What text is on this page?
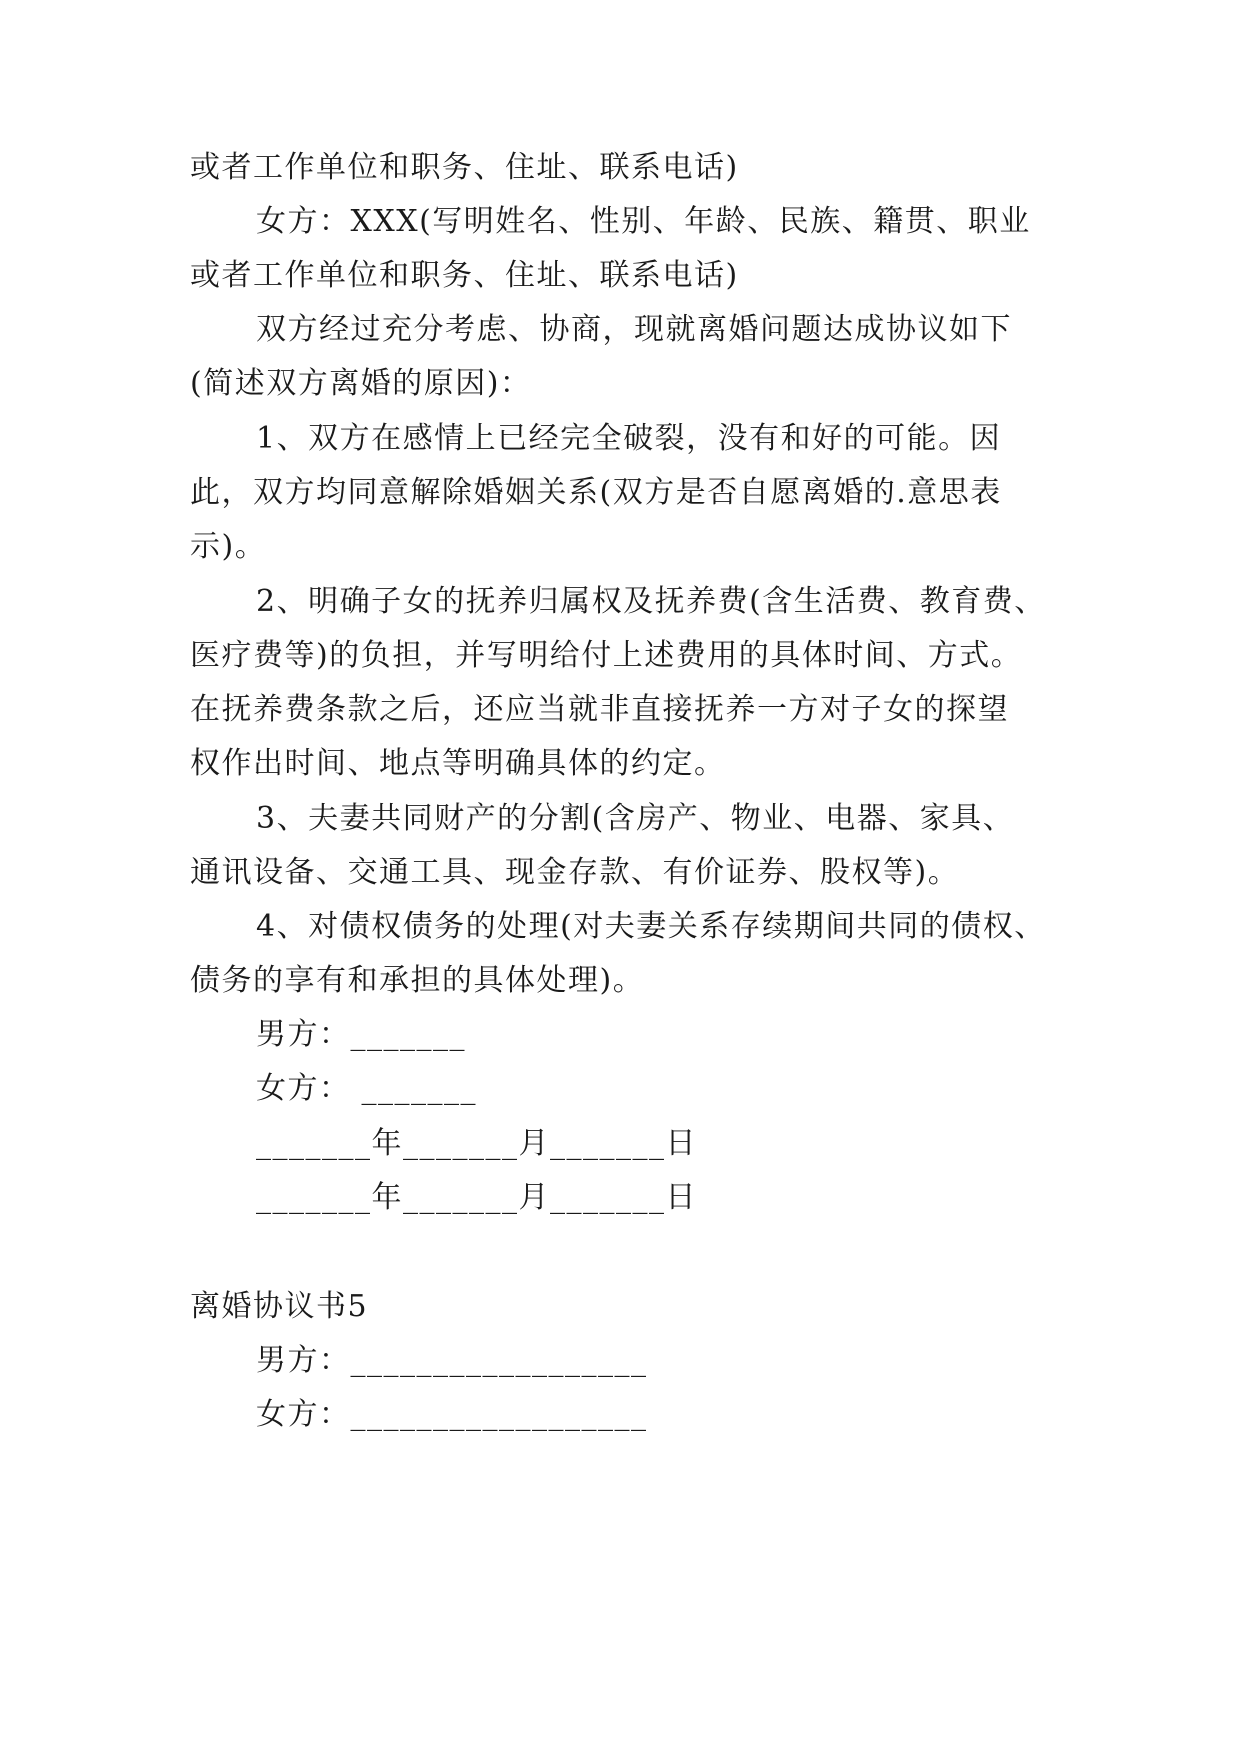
或者工作单位和职务、住址、联系电话)
女方：XXX(写明姓名、性别、年龄、民族、籍贯、职业
或者工作单位和职务、住址、联系电话)
双方经过充分考虑、协商，现就离婚问题达成协议如下
(简述双方离婚的原因)：
1、双方在感情上已经完全破裂，没有和好的可能。因
此，双方均同意解除婚姻关系(双方是否自愿离婚的.意思表
示)。
2、明确子女的抚养归属权及抚养费(含生活费、教育费、
医疗费等)的负担，并写明给付上述费用的具体时间、方式。
在抚养费条款之后，还应当就非直接抚养一方对子女的探望
权作出时间、地点等明确具体的约定。
3、夫妻共同财产的分割(含房产、物业、电器、家具、
通讯设备、交通工具、现金存款、有价证券、股权等)。
4、对债权债务的处理(对夫妻关系存续期间共同的债权、
债务的享有和承担的具体处理)。
男方：_______
女方： _______
_______年_______月_______日
_______年_______月_______日
离婚协议书5
男方：__________________
女方：__________________
